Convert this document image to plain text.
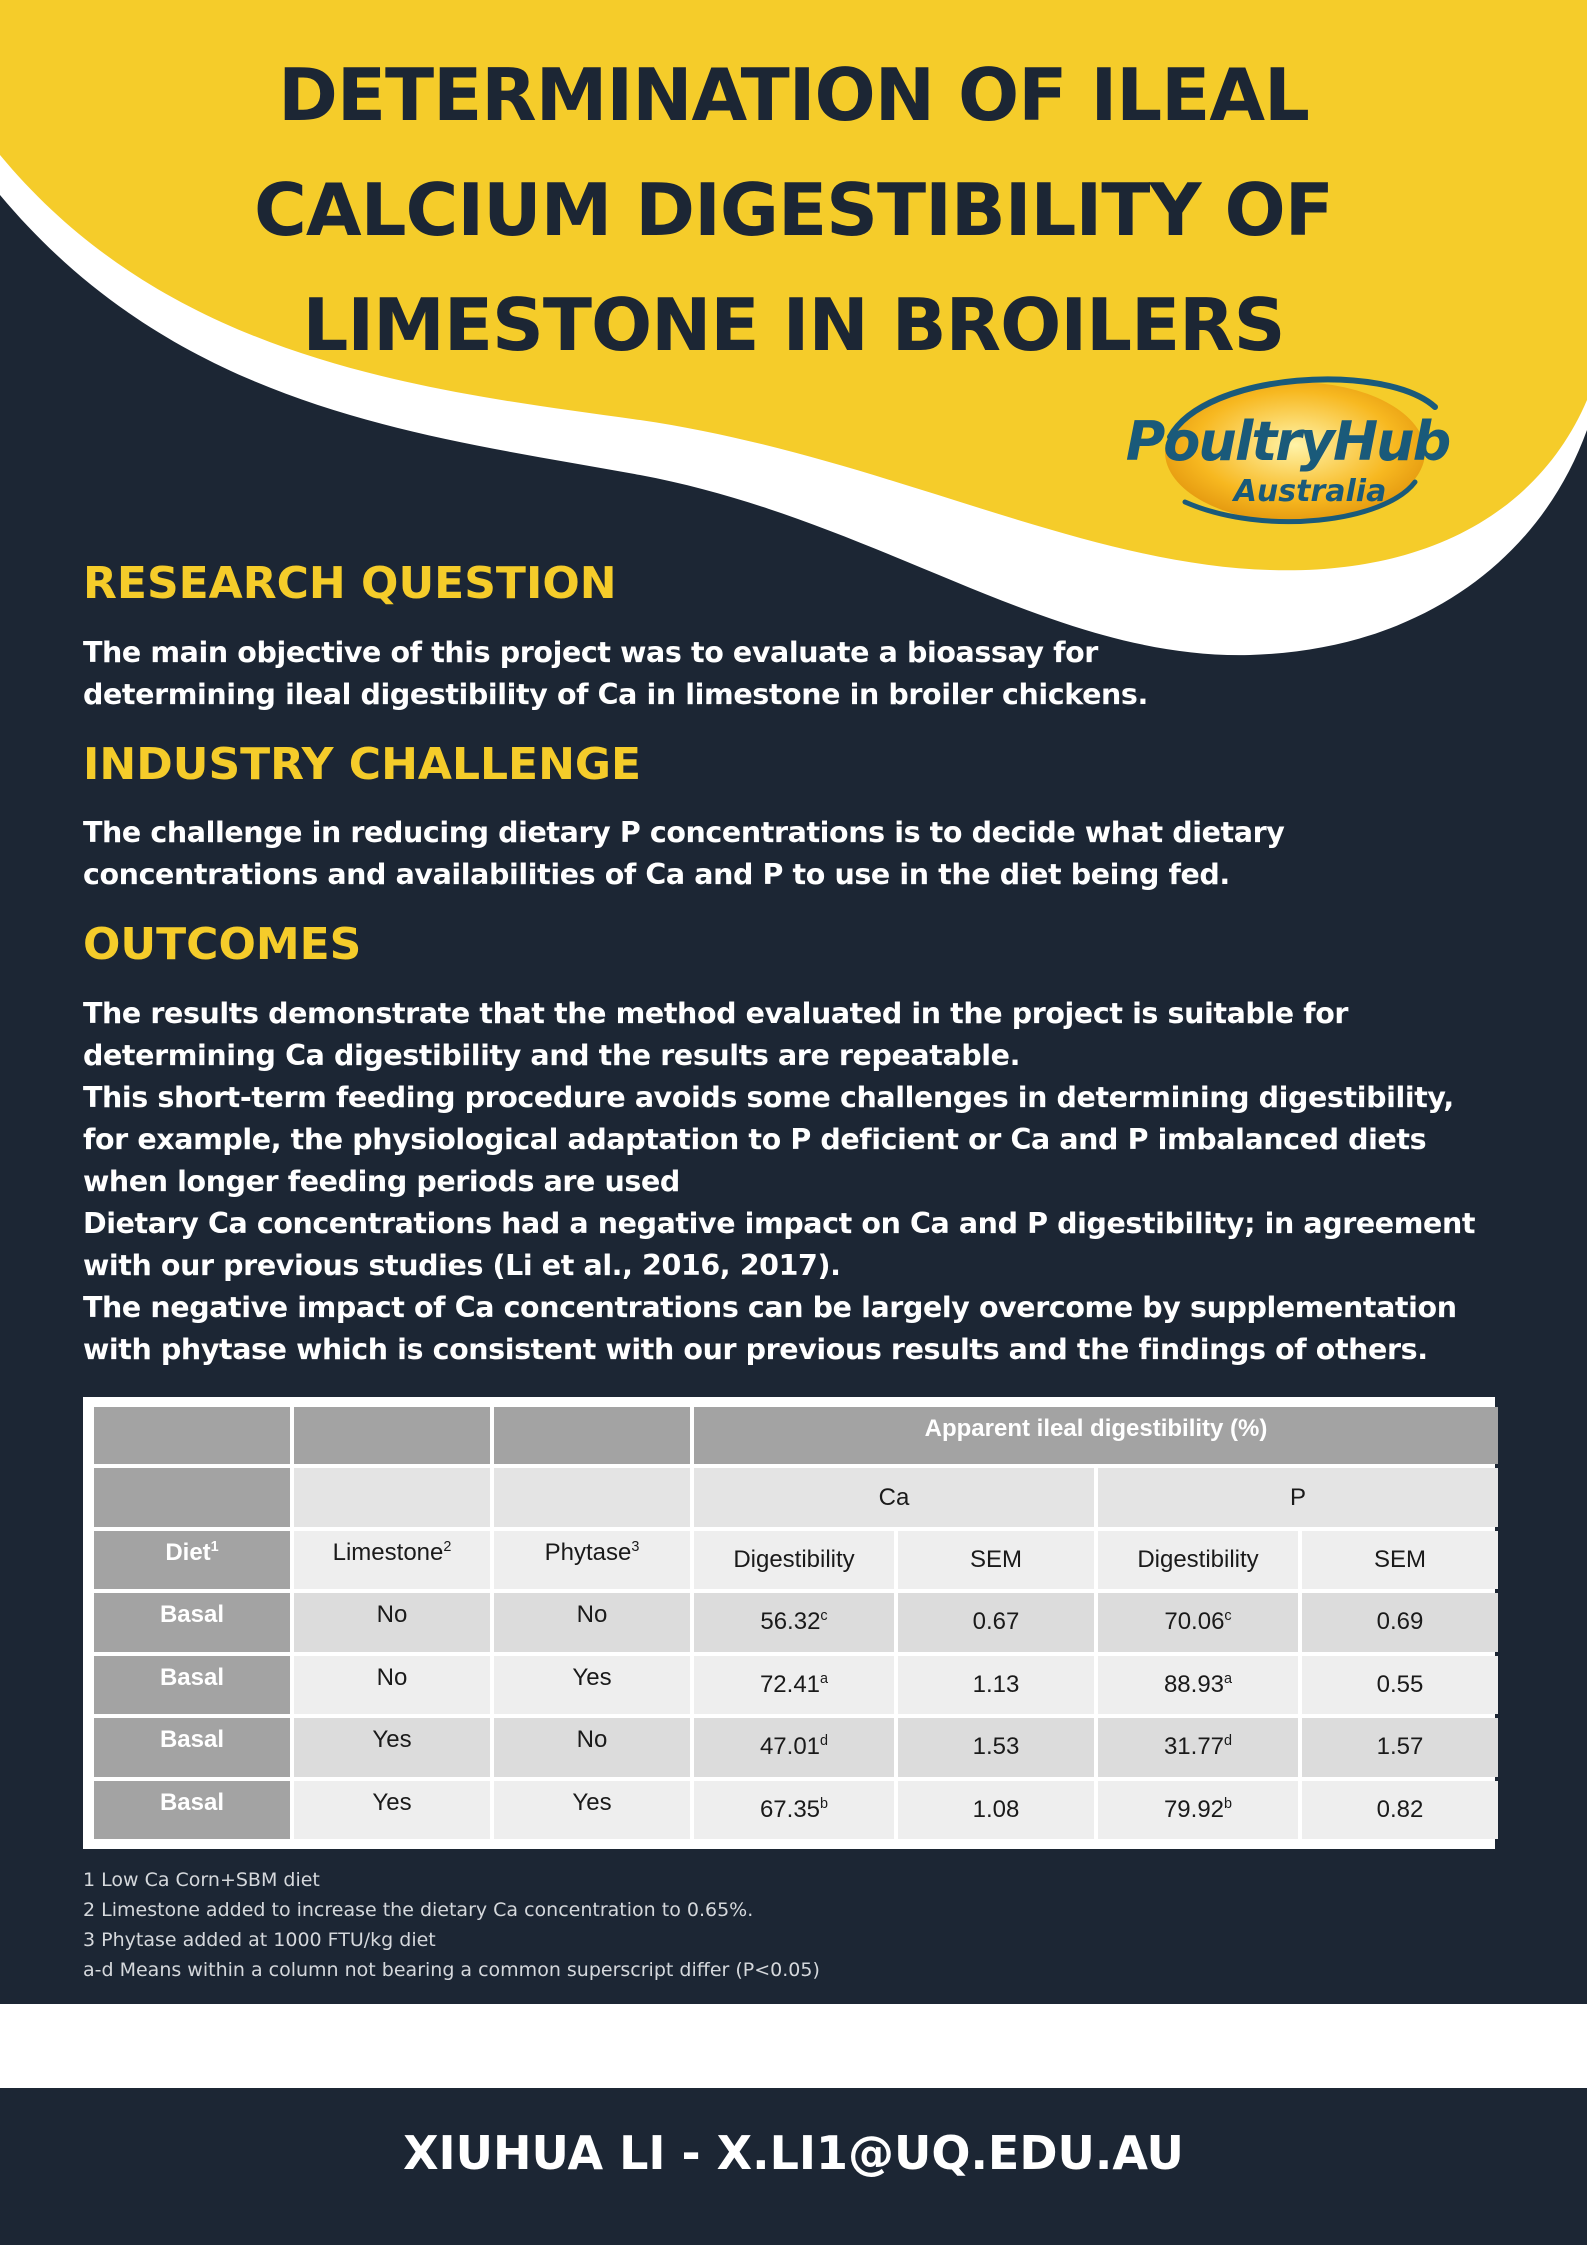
DETERMINATION OF ILEAL
CALCIUM DIGESTIBILITY OF
LIMESTONE IN BROILERS
PoultryHub
Australia
RESEARCH QUESTION

The main objective of this project was to evaluate a bioassay for
determining ileal digestibility of Ca in limestone in broiler chickens.

INDUSTRY CHALLENGE

The challenge in reducing dietary P concentrations is to decide what dietary
concentrations and availabilities of Ca and P to use in the diet being fed.

OUTCOMES

The results demonstrate that the method evaluated in the project is suitable for
determining Ca digestibility and the results are repeatable.
This short-term feeding procedure avoids some challenges in determining digestibility,
for example, the physiological adaptation to P deficient or Ca and P imbalanced diets
when longer feeding periods are used
Dietary Ca concentrations had a negative impact on Ca and P digestibility; in agreement
with our previous studies (Li et al., 2016, 2017).
The negative impact of Ca concentrations can be largely overcome by supplementation
with phytase which is consistent with our previous results and the findings of others.

			Apparent ileal digestibility (%)			
			Ca		P	
Diet$^1$	Limestone$^2$	Phytase$^3$	Digestibility	SEM	Digestibility	SEM
Basal	No	No	56.32$^c$	0.67	70.06$^c$	0.69
Basal	No	Yes	72.41$^a$	1.13	88.93$^a$	0.55
Basal	Yes	No	47.01$^d$	1.53	31.77$^d$	1.57
Basal	Yes	Yes	67.35$^b$	1.08	79.92$^b$	0.82

1 Low Ca Corn+SBM diet
2 Limestone added to increase the dietary Ca concentration to 0.65%.
3 Phytase added at 1000 FTU/kg diet
a-d Means within a column not bearing a common superscript differ (P<0.05)

XIUHUA LI - X.LI1@UQ.EDU.AU
